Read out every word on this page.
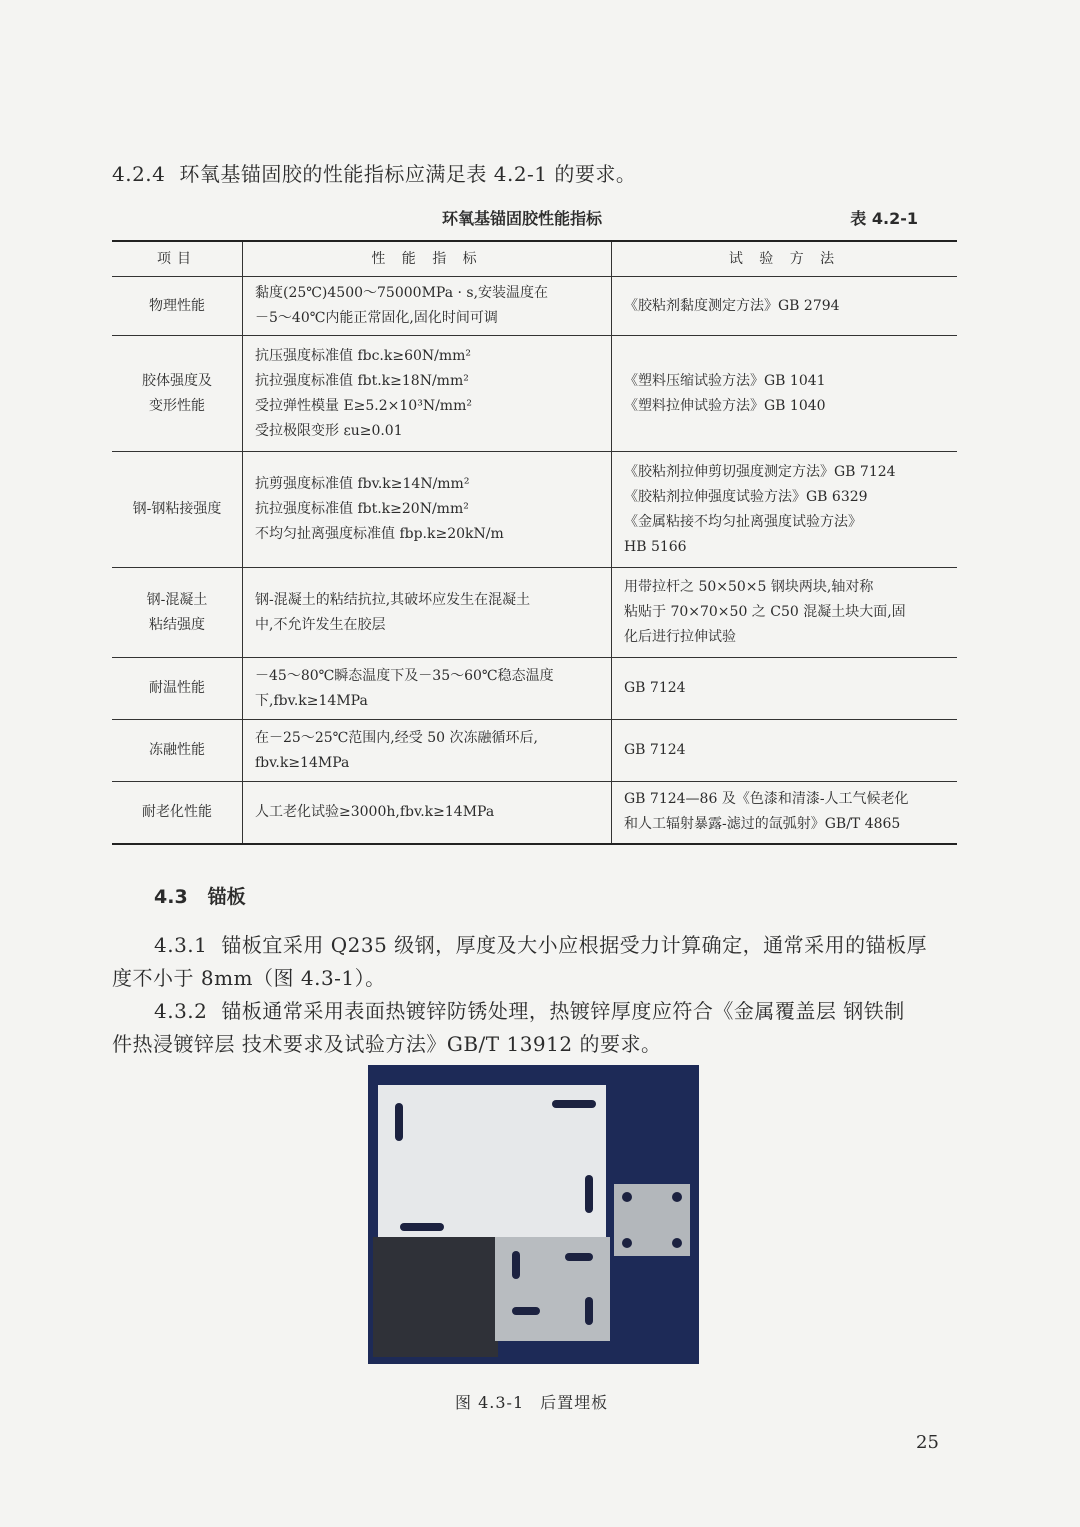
4.2.4 环氧基锚固胶的性能指标应满足表 4.2-1 的要求。
环氧基锚固胶性能指标	表 4.2-1
项目	性 能 指 标	试 验 方 法

物理性能	黏度(25℃)4500～75000MPa · s,安装温度在
－5～40℃内能正常固化,固化时间可调	《胶粘剂黏度测定方法》GB 2794

胶体强度及
变形性能	抗压强度标准值 fbc.k≥60N/mm²
抗拉强度标准值 fbt.k≥18N/mm²
受拉弹性模量 E≥5.2×10³N/mm²
受拉极限变形 εu≥0.01	《塑料压缩试验方法》GB 1041
《塑料拉伸试验方法》GB 1040

钢-钢粘接强度	抗剪强度标准值 fbv.k≥14N/mm²
抗拉强度标准值 fbt.k≥20N/mm²
不均匀扯离强度标准值 fbp.k≥20kN/m	《胶粘剂拉伸剪切强度测定方法》GB 7124
《胶粘剂拉伸强度试验方法》GB 6329
《金属粘接不均匀扯离强度试验方法》
HB 5166

钢-混凝土
粘结强度	钢-混凝土的粘结抗拉,其破坏应发生在混凝土
中,不允许发生在胶层	用带拉杆之 50×50×5 钢块两块,轴对称
粘贴于 70×70×50 之 C50 混凝土块大面,固
化后进行拉伸试验

耐温性能	－45～80℃瞬态温度下及－35～60℃稳态温度
下,fbv.k≥14MPa	GB 7124

冻融性能	在－25～25℃范围内,经受 50 次冻融循环后,
fbv.k≥14MPa	GB 7124

耐老化性能	人工老化试验≥3000h,fbv.k≥14MPa	GB 7124—86 及《色漆和清漆-人工气候老化
和人工辐射暴露-滤过的氙弧射》GB/T 4865
4.3 锚板
4.3.1 锚板宜采用 Q235 级钢，厚度及大小应根据受力计算确定，通常采用的锚板厚
度不小于 8mm（图 4.3-1）。
4.3.2 锚板通常采用表面热镀锌防锈处理，热镀锌厚度应符合《金属覆盖层 钢铁制
件热浸镀锌层 技术要求及试验方法》GB/T 13912 的要求。
图 4.3-1 后置埋板
25
